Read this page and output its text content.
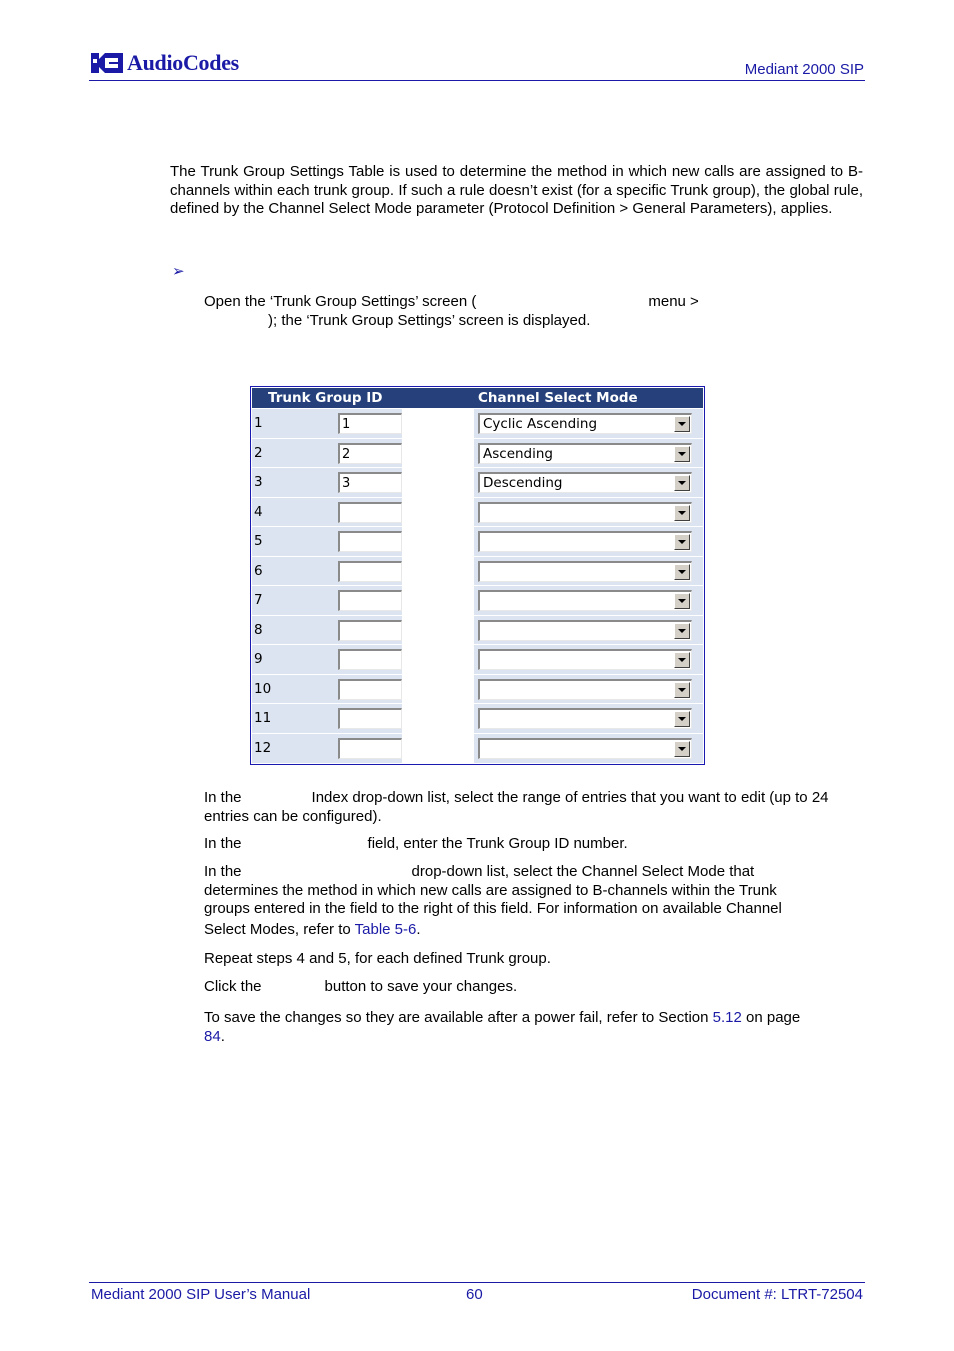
AudioCodes	Mediant 2000 SIP
The Trunk Group Settings Table is used to determine the method in which new calls are assigned to B-channels within each trunk group. If such a rule doesn’t exist (for a specific Trunk group), the global rule, defined by the Channel Select Mode parameter (Protocol Definition > General Parameters), applies.
➢
Open the ‘Trunk Group Settings’ screen (	menu >
); the ‘Trunk Group Settings’ screen is displayed.
Trunk Group ID	Channel Select Mode
1	1	Cyclic Ascending
2	2	Ascending
3	3	Descending
4
5
6
7
8
9
10
11
12
In the	Index drop-down list, select the range of entries that you want to edit (up to 24 entries can be configured).
In the	field, enter the Trunk Group ID number.
In the	drop-down list, select the Channel Select Mode that
determines the method in which new calls are assigned to B-channels within the Trunk
groups entered in the field to the right of this field. For information on available Channel
Select Modes, refer to Table 5-6.
Repeat steps 4 and 5, for each defined Trunk group.
Click the	button to save your changes.
To save the changes so they are available after a power fail, refer to Section 5.12 on page
84.
Mediant 2000 SIP User’s Manual	60	Document #: LTRT-72504
